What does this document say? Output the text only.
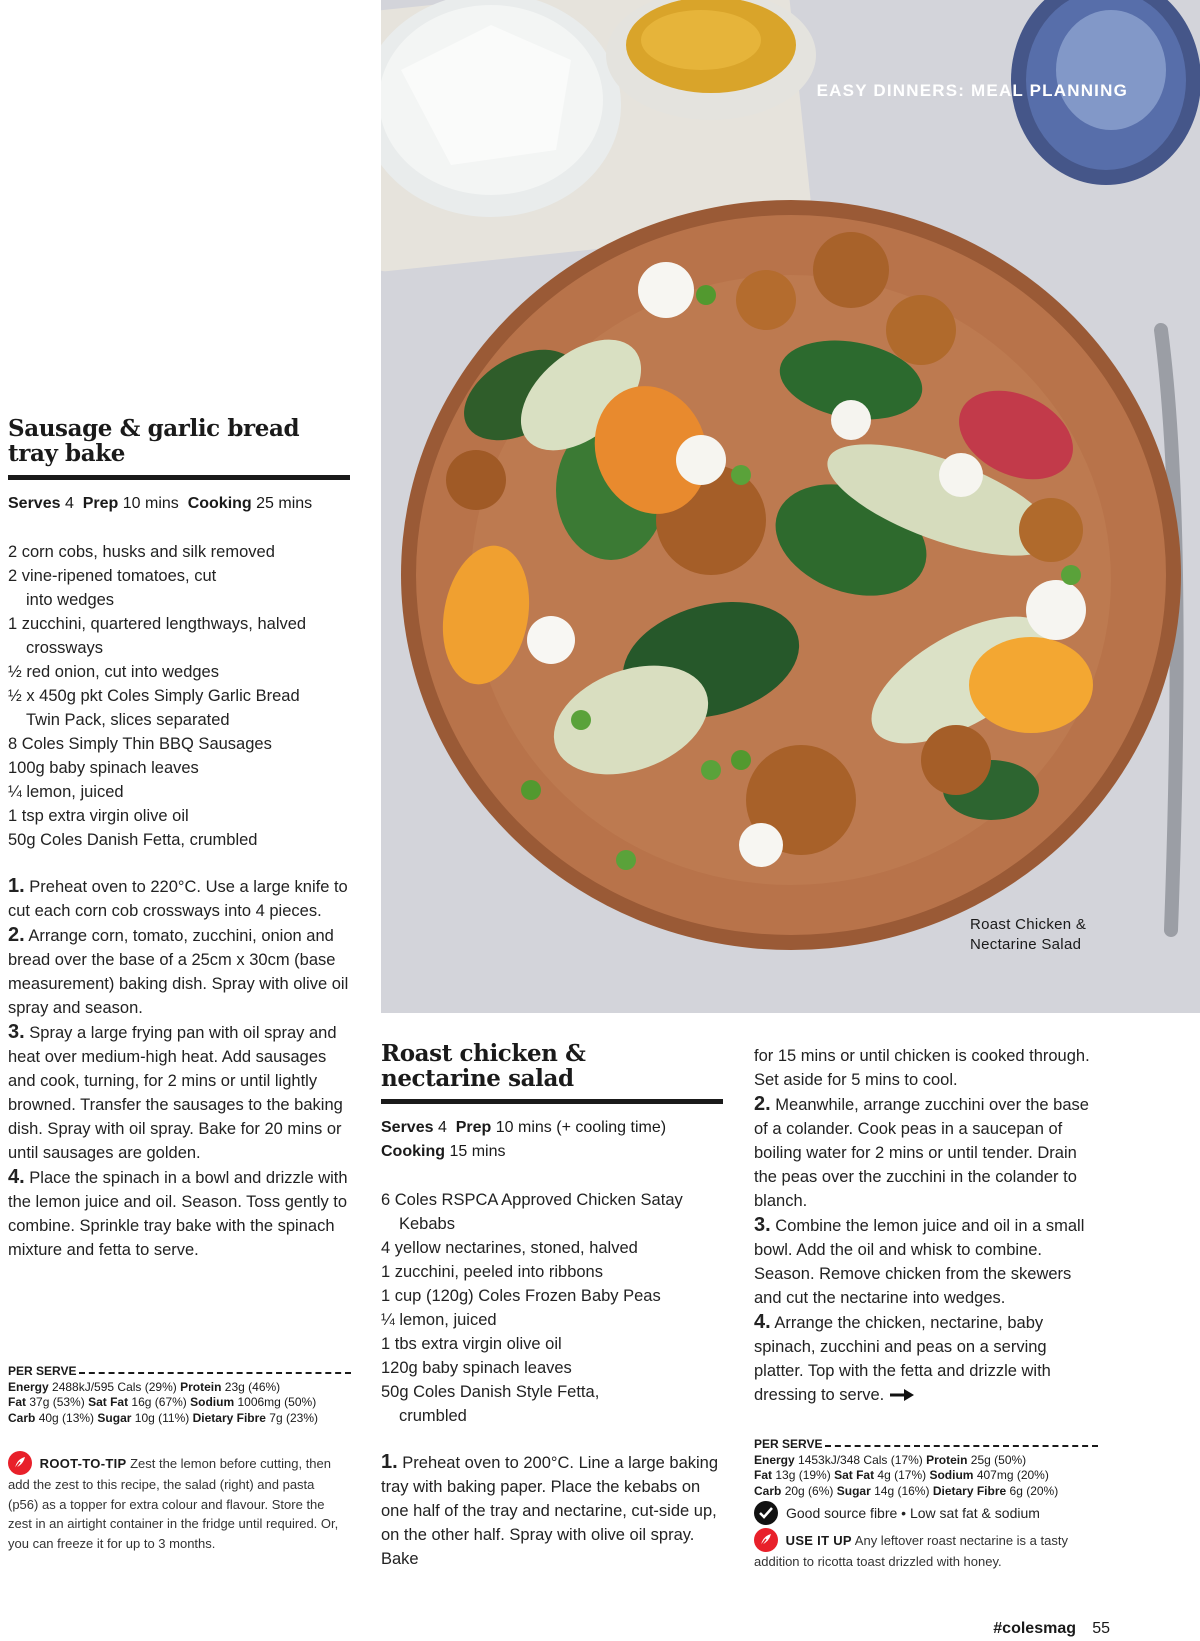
EASY DINNERS: MEAL PLANNING
Roast Chicken &
Nectarine Salad
Sausage & garlic bread
tray bake
Serves 4 Prep 10 mins Cooking 25 mins
2 corn cobs, husks and silk removed
2 vine-ripened tomatoes, cut into wedges
1 zucchini, quartered lengthways, halved crossways
½ red onion, cut into wedges
½ x 450g pkt Coles Simply Garlic Bread Twin Pack, slices separated
8 Coles Simply Thin BBQ Sausages
100g baby spinach leaves
¼ lemon, juiced
1 tsp extra virgin olive oil
50g Coles Danish Fetta, crumbled

1. Preheat oven to 220°C. Use a large knife to cut each corn cob crossways into 4 pieces.

2. Arrange corn, tomato, zucchini, onion and bread over the base of a 25cm x 30cm (base measurement) baking dish. Spray with olive oil spray and season.

3. Spray a large frying pan with oil spray and heat over medium-high heat. Add sausages and cook, turning, for 2 mins or until lightly browned. Transfer the sausages to the baking dish. Spray with oil spray. Bake for 20 mins or until sausages are golden.

4. Place the spinach in a bowl and drizzle with the lemon juice and oil. Season. Toss gently to combine. Sprinkle tray bake with the spinach mixture and fetta to serve.

PER SERVE
Energy 2488kJ/595 Cals (29%) Protein 23g (46%)
Fat 37g (53%) Sat Fat 16g (67%) Sodium 1006mg (50%)
Carb 40g (13%) Sugar 10g (11%) Dietary Fibre 7g (23%)
ROOT-TO-TIP Zest the lemon before cutting, then add the zest to this recipe, the salad (right) and pasta (p56) as a topper for extra colour and flavour. Store the zest in an airtight container in the fridge until required. Or, you can freeze it for up to 3 months.
Roast chicken &
nectarine salad
Serves 4 Prep 10 mins (+ cooling time)
Cooking 15 mins
6 Coles RSPCA Approved Chicken Satay Kebabs
4 yellow nectarines, stoned, halved
1 zucchini, peeled into ribbons
1 cup (120g) Coles Frozen Baby Peas
¼ lemon, juiced
1 tbs extra virgin olive oil
120g baby spinach leaves
50g Coles Danish Style Fetta, crumbled

1. Preheat oven to 200°C. Line a large baking tray with baking paper. Place the kebabs on one half of the tray and nectarine, cut-side up, on the other half. Spray with olive oil spray. Bake

for 15 mins or until chicken is cooked through. Set aside for 5 mins to cool.

2. Meanwhile, arrange zucchini over the base of a colander. Cook peas in a saucepan of boiling water for 2 mins or until tender. Drain the peas over the zucchini in the colander to blanch.

3. Combine the lemon juice and oil in a small bowl. Add the oil and whisk to combine. Season. Remove chicken from the skewers and cut the nectarine into wedges.

4. Arrange the chicken, nectarine, baby spinach, zucchini and peas on a serving platter. Top with the fetta and drizzle with dressing to serve.

PER SERVE
Energy 1453kJ/348 Cals (17%) Protein 25g (50%)
Fat 13g (19%) Sat Fat 4g (17%) Sodium 407mg (20%)
Carb 20g (6%) Sugar 14g (16%) Dietary Fibre 6g (20%)
Good source fibre • Low sat fat & sodium
USE IT UP Any leftover roast nectarine is a tasty addition to ricotta toast drizzled with honey.
#colesmag 55
